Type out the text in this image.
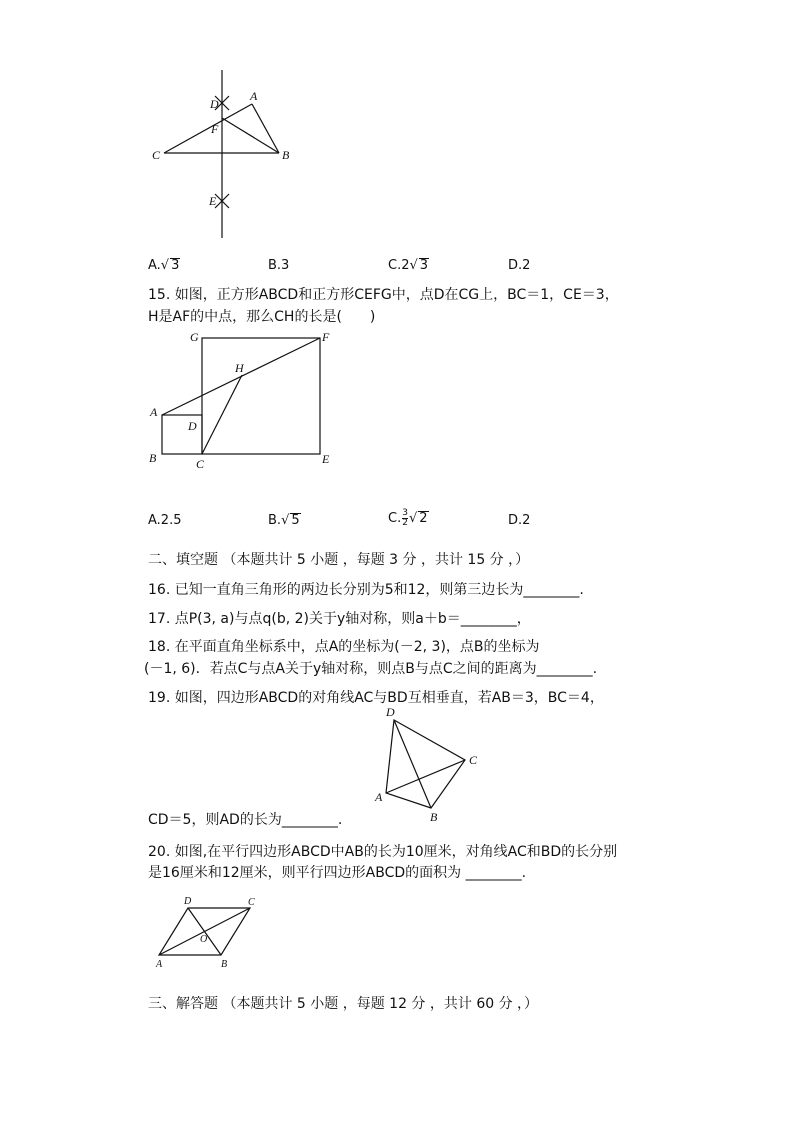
D
A
F
C	B
E
A.√ 3	B.3	C.2√ 3	D.2
15. 如图，正方形ABCD和正方形CEFG中，点D在CG上，BC＝1，CE＝3，
H是AF的中点，那么CH的长是(　　)
G	F
H
A
D
B	C	E
A.2.5	B.√ 5	C. $\frac{3}{2}$ √ 2	D.2
二、填空题 （本题共计 5 小题 ，每题 3 分 ，共计 15 分 ，）
16. 已知一直角三角形的两边长分别为5和12，则第三边长为________.
17. 点P(3, a)与点q(b, 2)关于y轴对称，则a＋b＝________，
18. 在平面直角坐标系中，点A的坐标为(－2, 3)，点B的坐标为
(－1, 6)．若点C与点A关于y轴对称，则点B与点C之间的距离为________.
19. 如图，四边形ABCD的对角线AC与BD互相垂直，若AB＝3，BC＝4，
D
C
A
B
CD＝5，则AD的长为________.
20. 如图,在平行四边形ABCD中AB的长为10厘米，对角线AC和BD的长分别
是16厘米和12厘米，则平行四边形ABCD的面积为 ________.
D	C
O
A	B
三、解答题 （本题共计 5 小题 ，每题 12 分 ，共计 60 分 ，）
